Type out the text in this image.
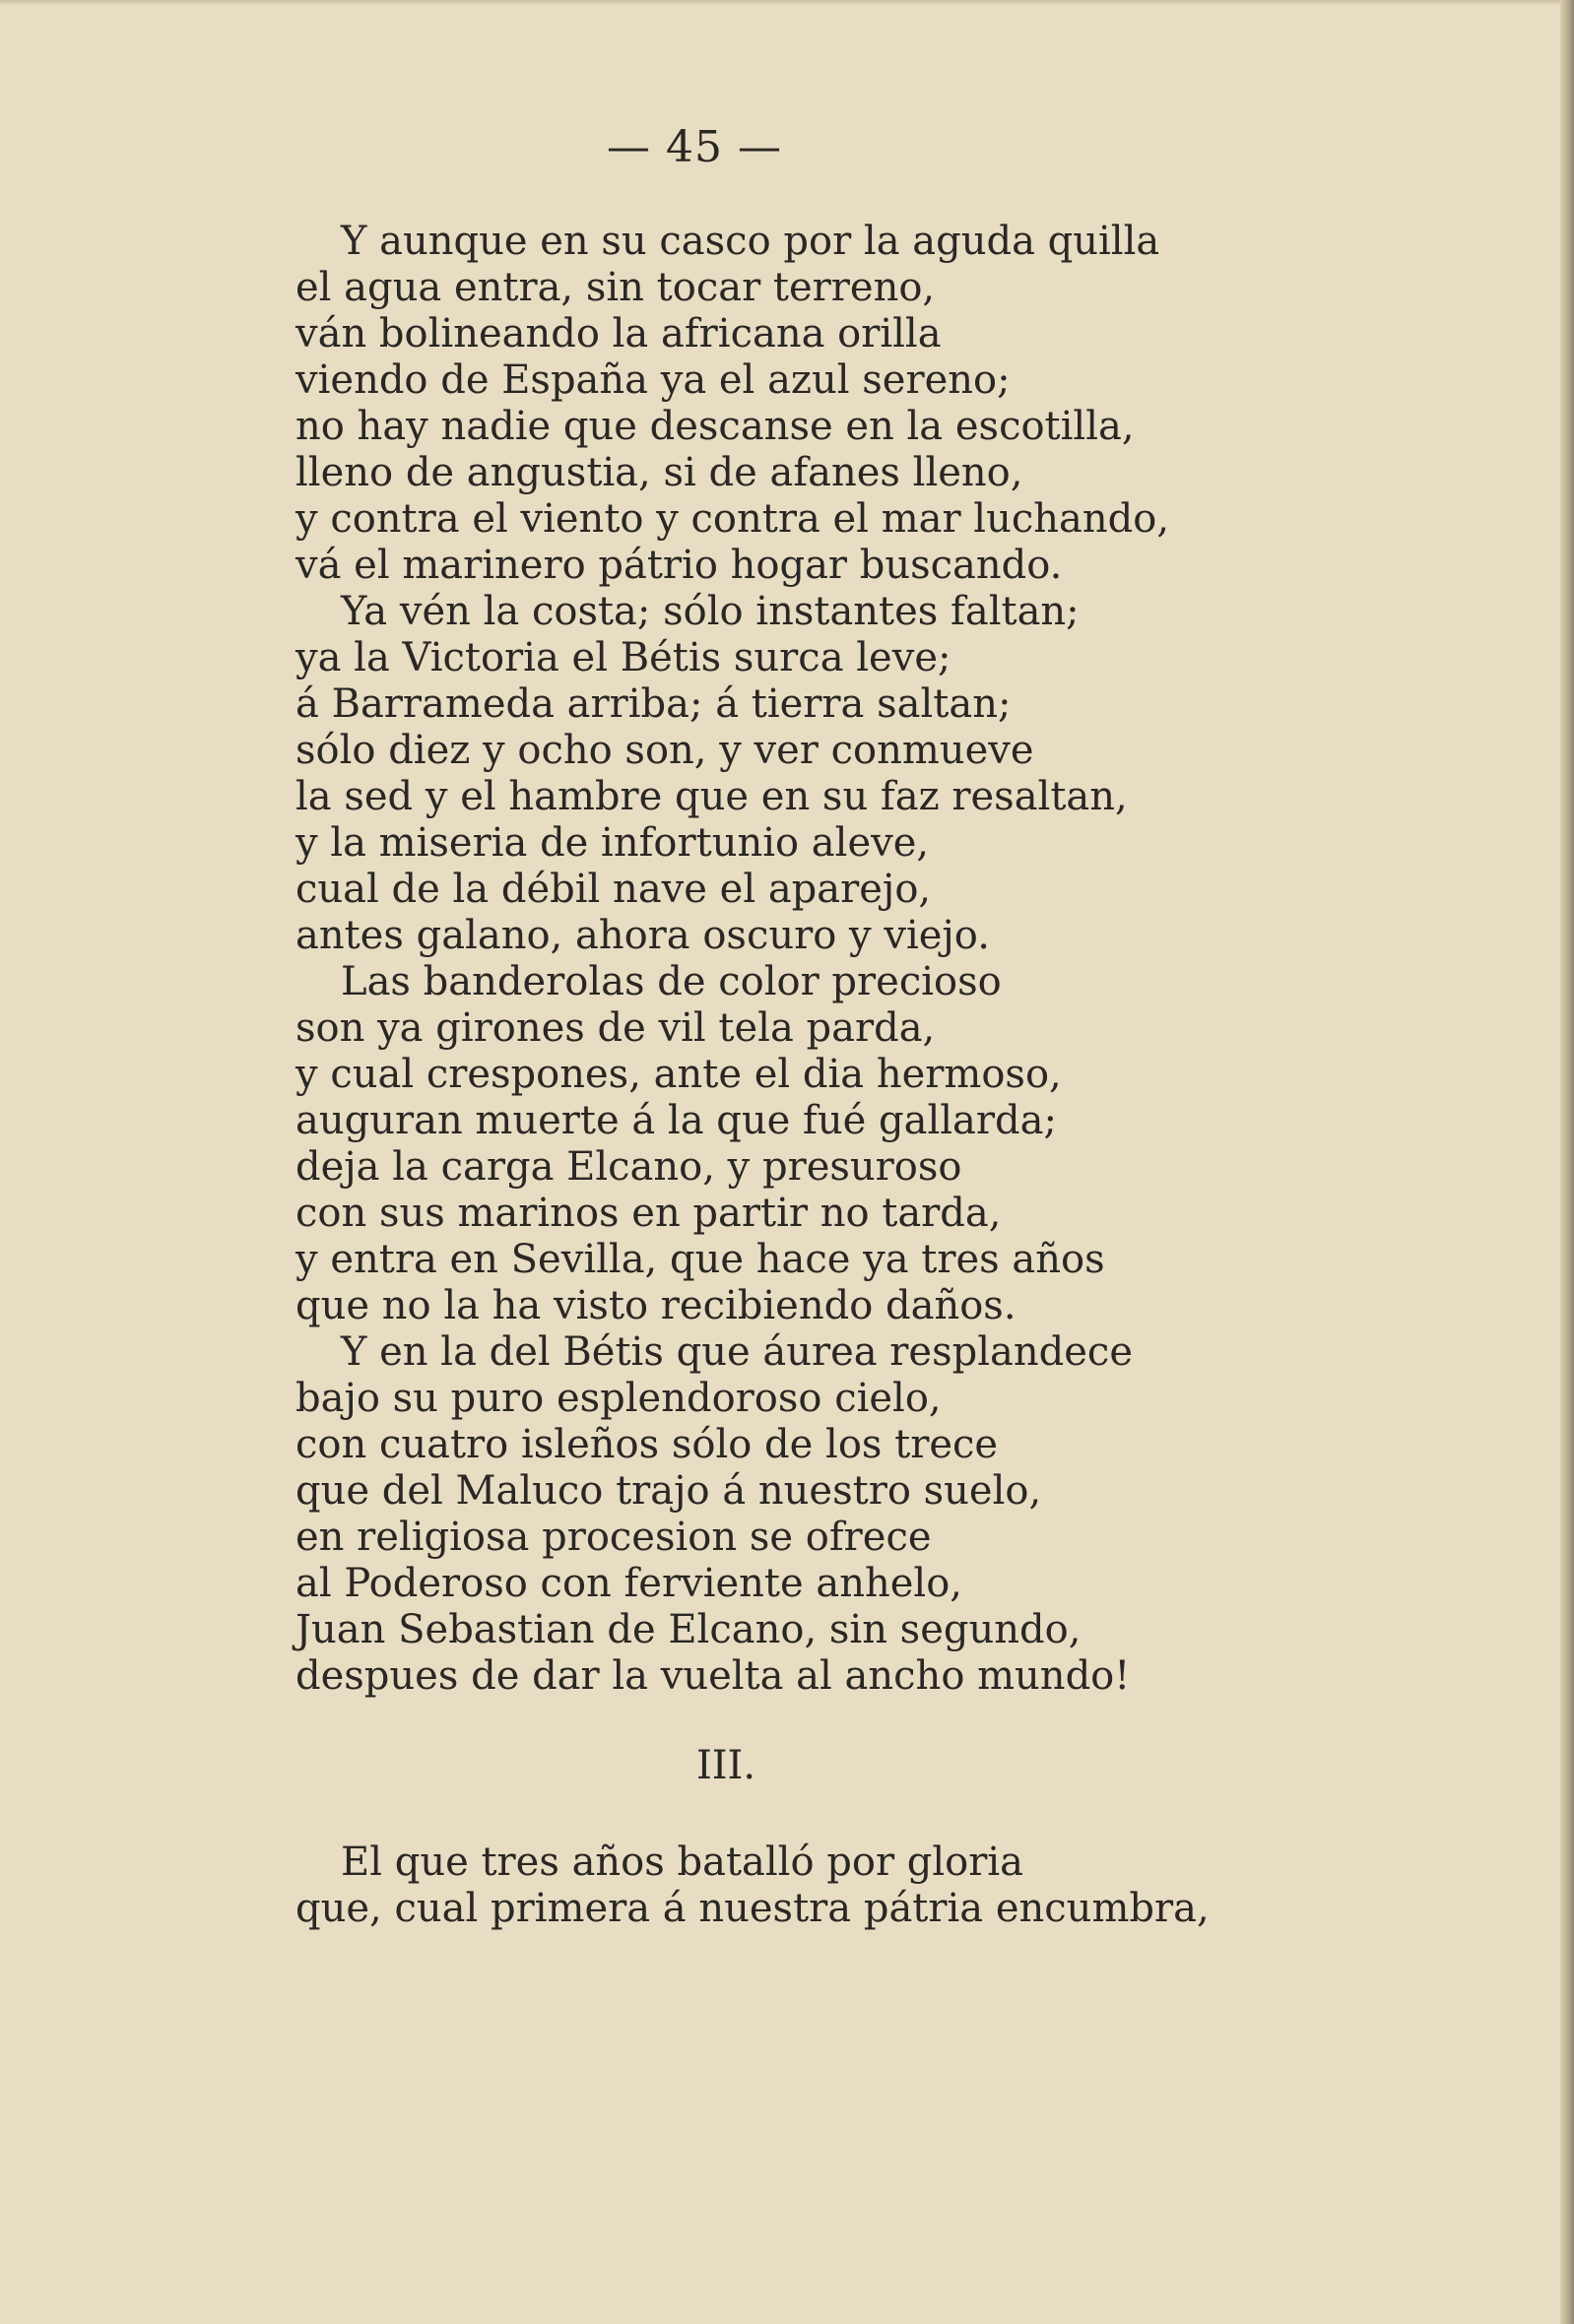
— 45 —
Y aunque en su casco por la aguda quilla
el agua entra, sin tocar terreno,
ván bolineando la africana orilla
viendo de España ya el azul sereno;
no hay nadie que descanse en la escotilla,
lleno de angustia, si de afanes lleno,
y contra el viento y contra el mar luchando,
vá el marinero pátrio hogar buscando.
Ya vén la costa; sólo instantes faltan;
ya la Victoria el Bétis surca leve;
á Barrameda arriba; á tierra saltan;
sólo diez y ocho son, y ver conmueve
la sed y el hambre que en su faz resaltan,
y la miseria de infortunio aleve,
cual de la débil nave el aparejo,
antes galano, ahora oscuro y viejo.
Las banderolas de color precioso
son ya girones de vil tela parda,
y cual crespones, ante el dia hermoso,
auguran muerte á la que fué gallarda;
deja la carga Elcano, y presuroso
con sus marinos en partir no tarda,
y entra en Sevilla, que hace ya tres años
que no la ha visto recibiendo daños.
Y en la del Bétis que áurea resplandece
bajo su puro esplendoroso cielo,
con cuatro isleños sólo de los trece
que del Maluco trajo á nuestro suelo,
en religiosa procesion se ofrece
al Poderoso con ferviente anhelo,
Juan Sebastian de Elcano, sin segundo,
despues de dar la vuelta al ancho mundo!
III.
El que tres años batalló por gloria
que, cual primera á nuestra pátria encumbra,
